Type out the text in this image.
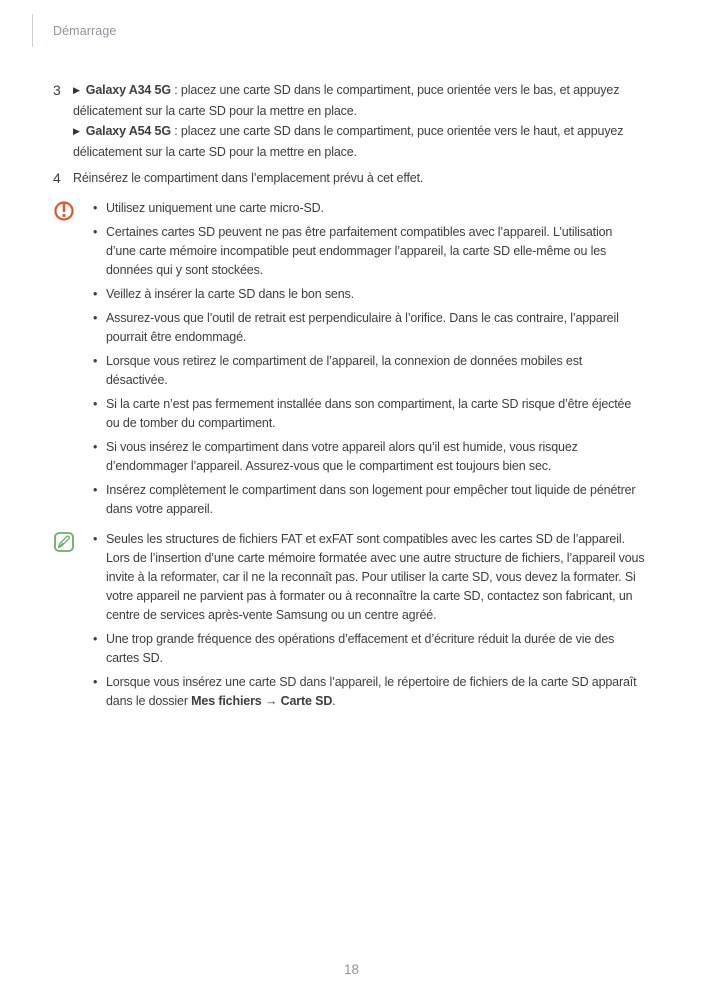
Démarrage
3	▶ Galaxy A34 5G : placez une carte SD dans le compartiment, puce orientée vers le bas, et appuyez délicatement sur la carte SD pour la mettre en place.

▶ Galaxy A54 5G : placez une carte SD dans le compartiment, puce orientée vers le haut, et appuyez délicatement sur la carte SD pour la mettre en place.

4 Réinsérez le compartiment dans l’emplacement prévu à cet effet.

• Utilisez uniquement une carte micro-SD.
• Certaines cartes SD peuvent ne pas être parfaitement compatibles avec l’appareil. L’utilisation d’une carte mémoire incompatible peut endommager l’appareil, la carte SD elle-même ou les données qui y sont stockées.
• Veillez à insérer la carte SD dans le bon sens.
• Assurez-vous que l’outil de retrait est perpendiculaire à l’orifice. Dans le cas contraire, l’appareil pourrait être endommagé.
• Lorsque vous retirez le compartiment de l’appareil, la connexion de données mobiles est désactivée.
• Si la carte n’est pas fermement installée dans son compartiment, la carte SD risque d’être éjectée ou de tomber du compartiment.
• Si vous insérez le compartiment dans votre appareil alors qu’il est humide, vous risquez d’endommager l’appareil. Assurez-vous que le compartiment est toujours bien sec.
• Insérez complètement le compartiment dans son logement pour empêcher tout liquide de pénétrer dans votre appareil.
• Seules les structures de fichiers FAT et exFAT sont compatibles avec les cartes SD de l’appareil. Lors de l’insertion d’une carte mémoire formatée avec une autre structure de fichiers, l’appareil vous invite à la reformater, car il ne la reconnaît pas. Pour utiliser la carte SD, vous devez la formater. Si votre appareil ne parvient pas à formater ou à reconnaître la carte SD, contactez son fabricant, un centre de services après-vente Samsung ou un centre agréé.
• Une trop grande fréquence des opérations d’effacement et d’écriture réduit la durée de vie des cartes SD.
• Lorsque vous insérez une carte SD dans l’appareil, le répertoire de fichiers de la carte SD apparaît dans le dossier Mes fichiers → Carte SD.
18
